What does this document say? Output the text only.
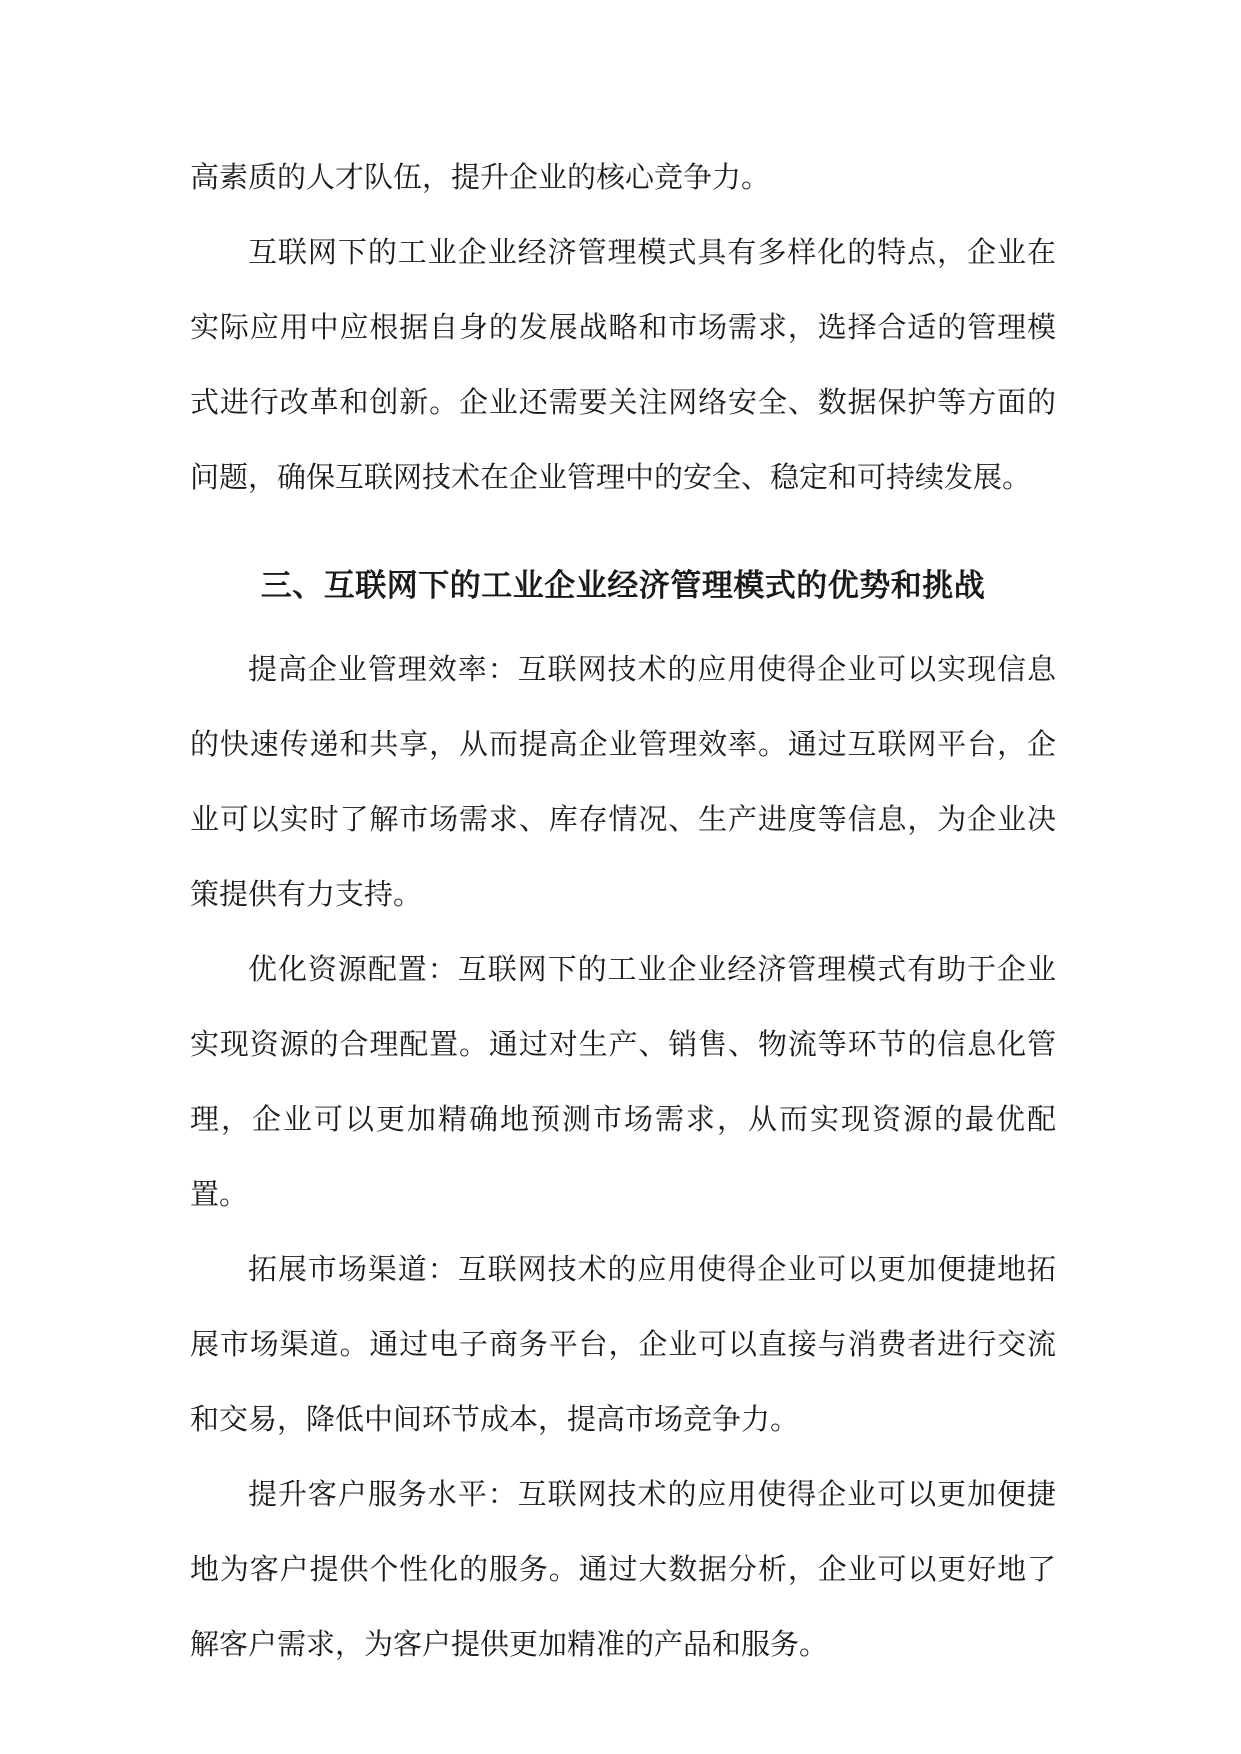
高素质的人才队伍，提升企业的核心竞争力。

互联网下的工业企业经济管理模式具有多样化的特点，企业在实际应用中应根据自身的发展战略和市场需求，选择合适的管理模式进行改革和创新。企业还需要关注网络安全、数据保护等方面的问题，确保互联网技术在企业管理中的安全、稳定和可持续发展。

三、互联网下的工业企业经济管理模式的优势和挑战

提高企业管理效率：互联网技术的应用使得企业可以实现信息的快速传递和共享，从而提高企业管理效率。通过互联网平台，企业可以实时了解市场需求、库存情况、生产进度等信息，为企业决策提供有力支持。

优化资源配置：互联网下的工业企业经济管理模式有助于企业实现资源的合理配置。通过对生产、销售、物流等环节的信息化管理，企业可以更加精确地预测市场需求，从而实现资源的最优配置。

拓展市场渠道：互联网技术的应用使得企业可以更加便捷地拓展市场渠道。通过电子商务平台，企业可以直接与消费者进行交流和交易，降低中间环节成本，提高市场竞争力。

提升客户服务水平：互联网技术的应用使得企业可以更加便捷地为客户提供个性化的服务。通过大数据分析，企业可以更好地了解客户需求，为客户提供更加精准的产品和服务。
